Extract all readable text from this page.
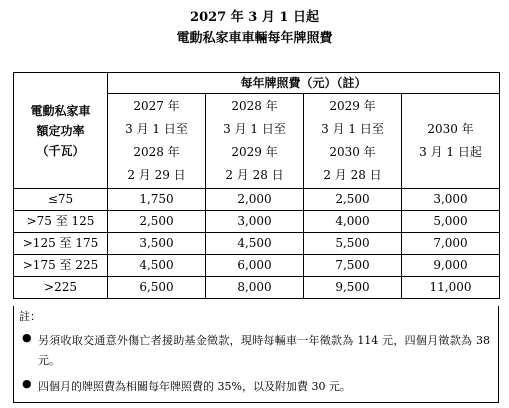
2027 年 3 月 1 日起
電動私家車車輛每年牌照費
電動私家車
額定功率
（千瓦）	每年牌照費（元）（註）			

	2027 年
3 月 1 日至
2028 年
2 月 29 日	2028 年
3 月 1 日至
2029 年
2 月 28 日	2029 年
3 月 1 日至
2030 年
2 月 28 日	2030 年
3 月 1 日起

≤75	1,750	2,000	2,500	3,000
>75 至 125	2,500	3,000	4,000	5,000
>125 至 175	3,500	4,500	5,500	7,000
>175 至 225	4,500	6,000	7,500	9,000
>225	6,500	8,000	9,500	11,000
註：
● 另須收取交通意外傷亡者援助基金徵款，現時每輛車一年徵款為 114 元，四個月徵款為 38 元。
● 四個月的牌照費為相關每年牌照費的 35%，以及附加費 30 元。
